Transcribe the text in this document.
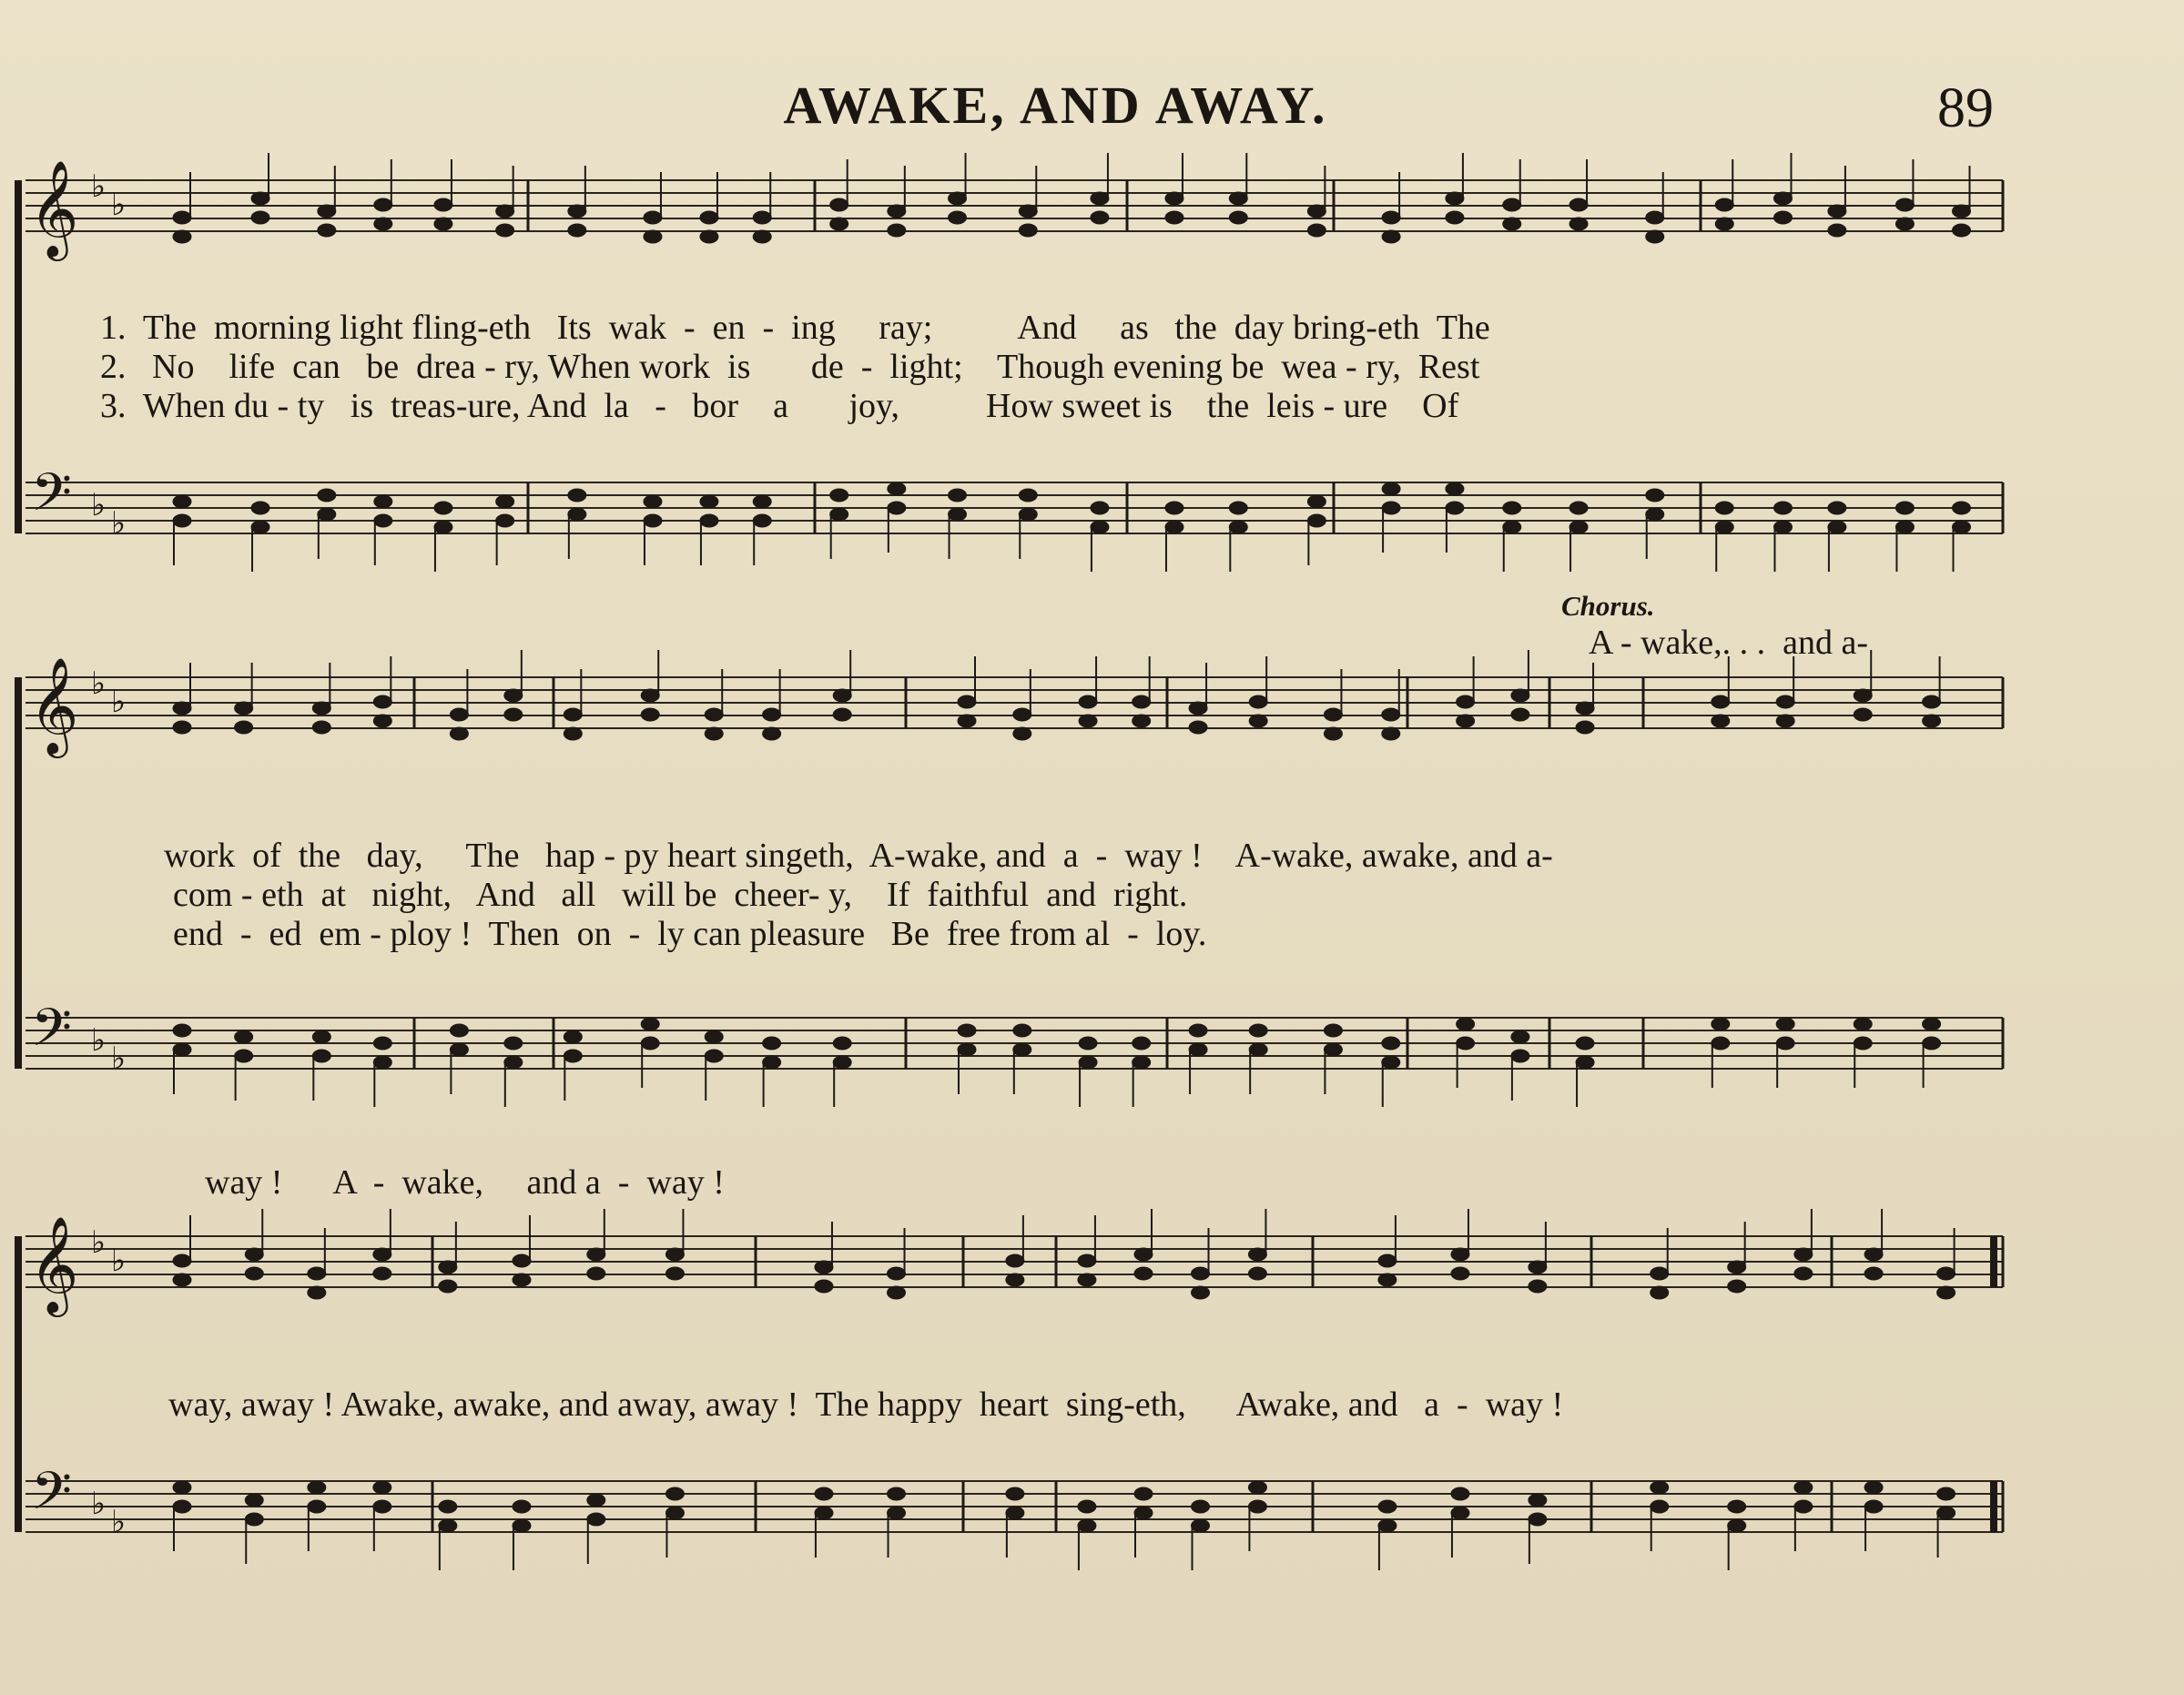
AWAKE, AND AWAY.	89
𝄞
𝄢
♭ ♭
♭ ♭
𝄞
𝄢
♭ ♭
♭ ♭
𝄞
𝄢
♭ ♭
♭ ♭
1.  The  morning light fling-eth   Its  wak  -  en  -  ing     ray;          And     as   the  day bring-eth  The
2.   No    life  can   be  drea - ry, When work  is       de  -  light;    Though evening be  wea - ry,  Rest
3.  When du - ty   is  treas-ure, And  la   -   bor    a       joy,          How sweet is    the  leis - ure    Of
Chorus.
A - wake,. . .  and a-
work  of  the   day,     The   hap - py heart singeth,  A-wake, and  a  -  way !    A-wake, awake, and a-
com - eth  at   night,   And   all   will be  cheer- y,    If  faithful  and  right.
end  -  ed  em - ploy !  Then  on  -  ly can pleasure   Be  free from al  -  loy.
way !      A  -  wake,     and a  -  way !
way, away ! Awake, awake, and away, away !  The happy  heart  sing-eth,      Awake, and   a  -  way !
